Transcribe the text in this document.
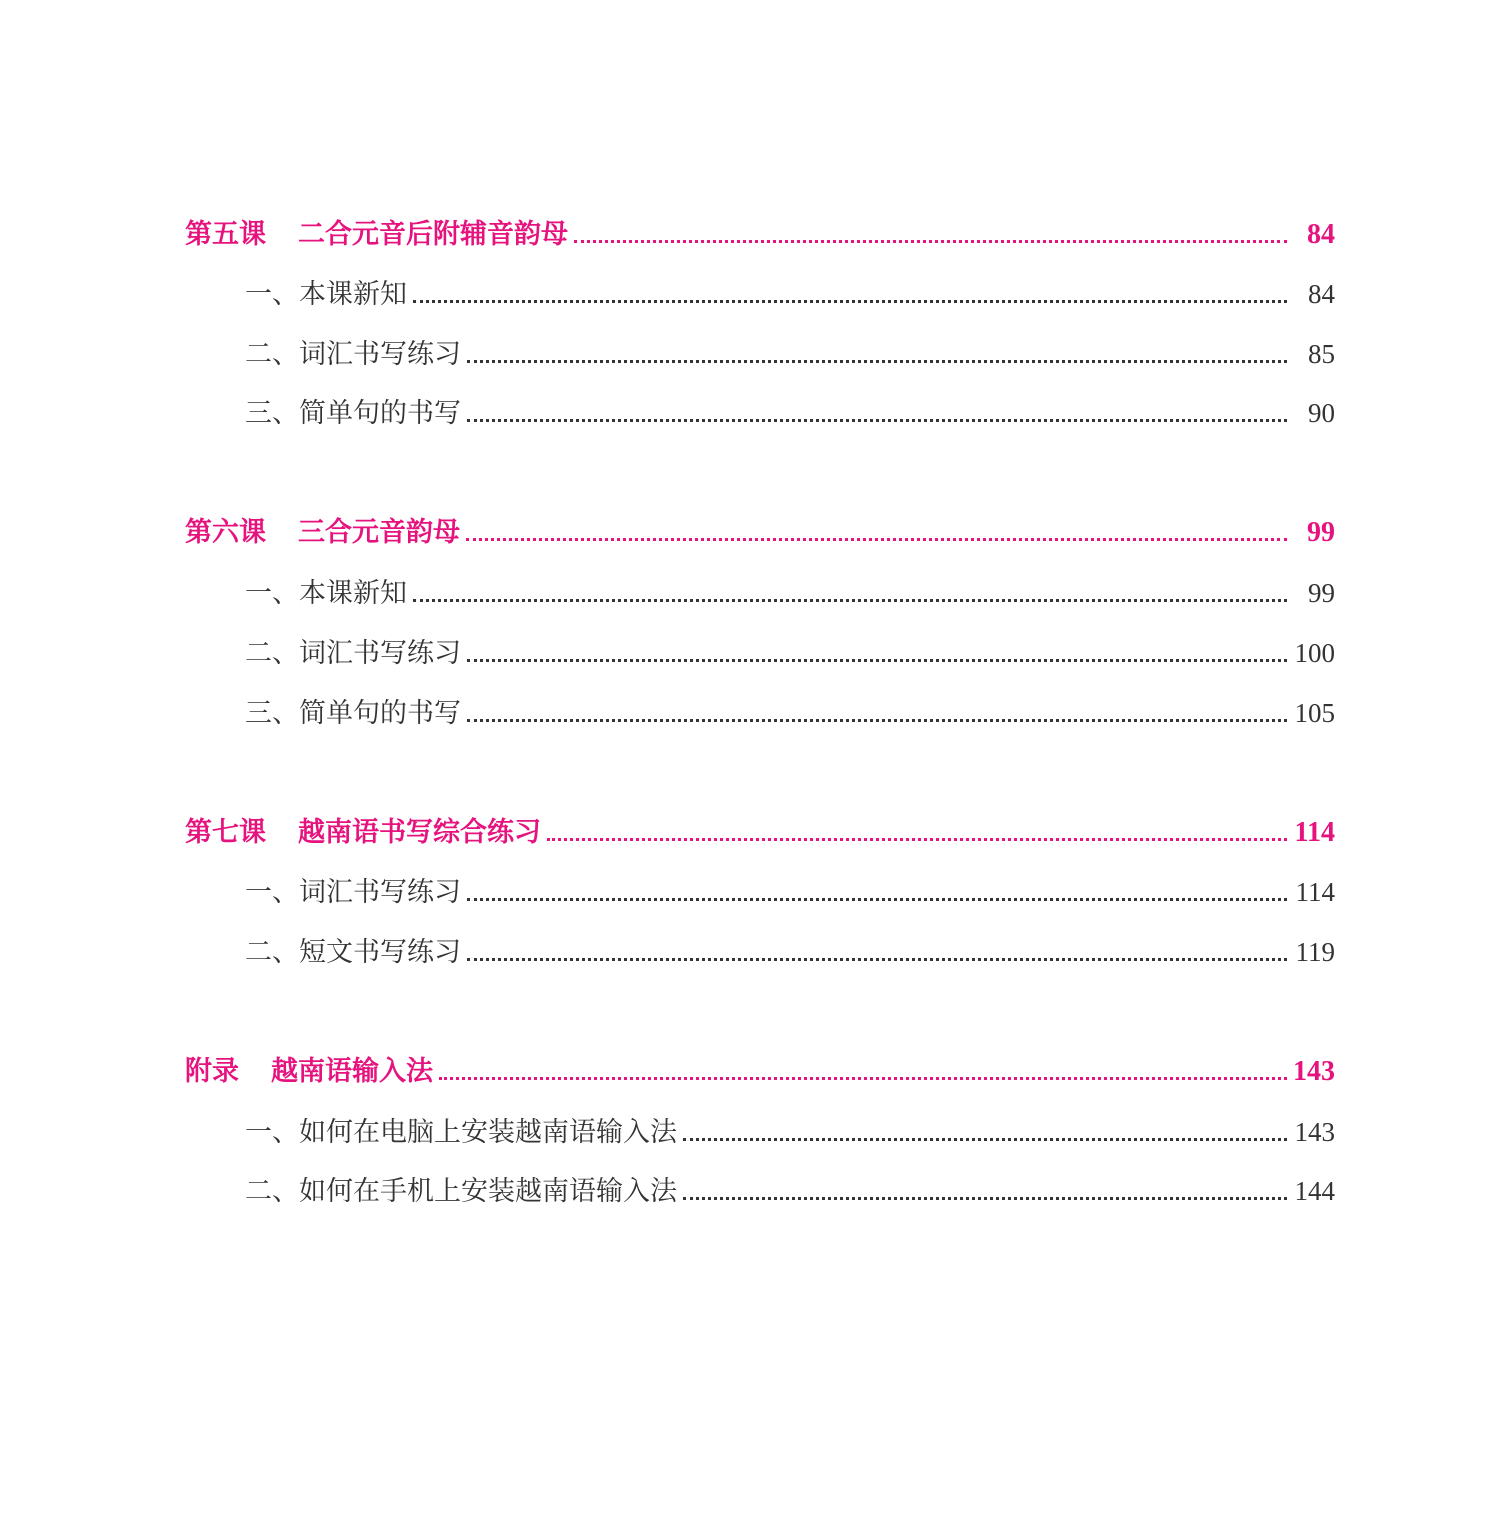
第五课 二合元音后附辅音韵母	84
一、本课新知	84
二、词汇书写练习	85
三、简单句的书写	90
第六课 三合元音韵母	99
一、本课新知	99
二、词汇书写练习	100
三、简单句的书写	105
第七课 越南语书写综合练习	114
一、词汇书写练习	114
二、短文书写练习	119
附录 越南语输入法	143
一、如何在电脑上安装越南语输入法	143
二、如何在手机上安装越南语输入法	144
